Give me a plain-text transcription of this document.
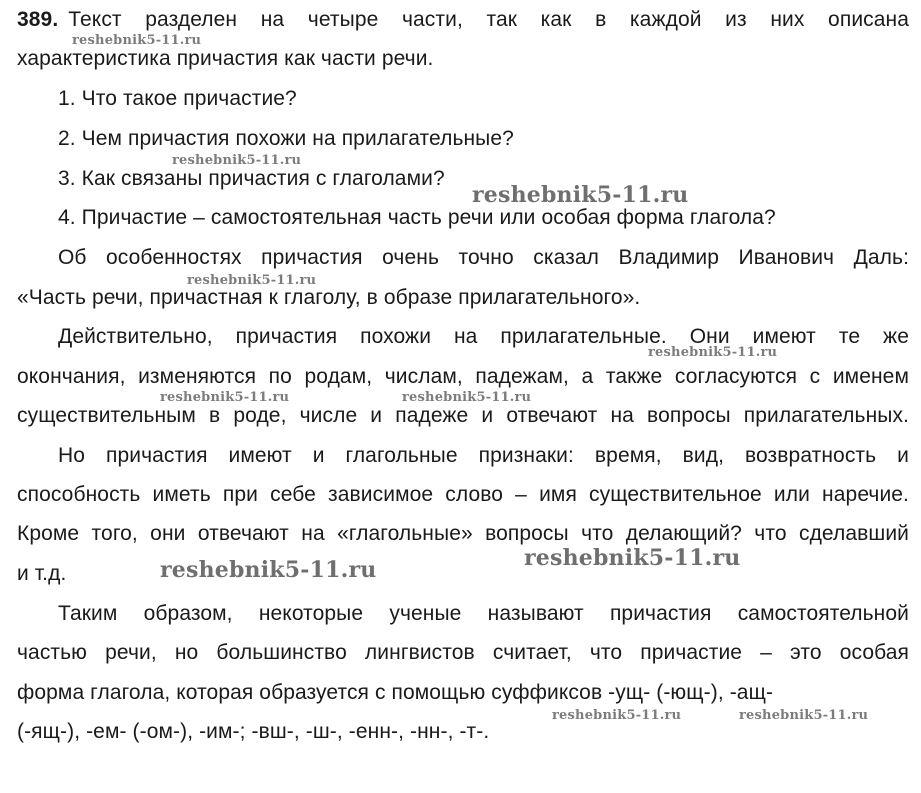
389. Текст разделен на четыре части, так как в каждой из них описана
характеристика причастия как части речи.
1. Что такое причастие?
2. Чем причастия похожи на прилагательные?
3. Как связаны причастия с глаголами?
4. Причастие – самостоятельная часть речи или особая форма глагола?
Об особенностях причастия очень точно сказал Владимир Иванович Даль:
«Часть речи, причастная к глаголу, в образе прилагательного».
Действительно, причастия похожи на прилагательные. Они имеют те же
окончания, изменяются по родам, числам, падежам, а также согласуются с именем
существительным в роде, числе и падеже и отвечают на вопросы прилагательных.
Но причастия имеют и глагольные признаки: время, вид, возвратность и
способность иметь при себе зависимое слово – имя существительное или наречие.
Кроме того, они отвечают на «глагольные» вопросы что делающий? что сделавший
и т.д.
Таким образом, некоторые ученые называют причастия самостоятельной
частью речи, но большинство лингвистов считает, что причастие – это особая
форма глагола, которая образуется с помощью суффиксов -ущ- (-ющ-), -ащ-
(-ящ-), -ем- (-ом-), -им-; -вш-, -ш-, -енн-, -нн-, -т-.
reshebnik5-11.ru
reshebnik5-11.ru
reshebnik5-11.ru
reshebnik5-11.ru
reshebnik5-11.ru
reshebnik5-11.ru	reshebnik5-11.ru
reshebnik5-11.ru
reshebnik5-11.ru
reshebnik5-11.ru	reshebnik5-11.ru
